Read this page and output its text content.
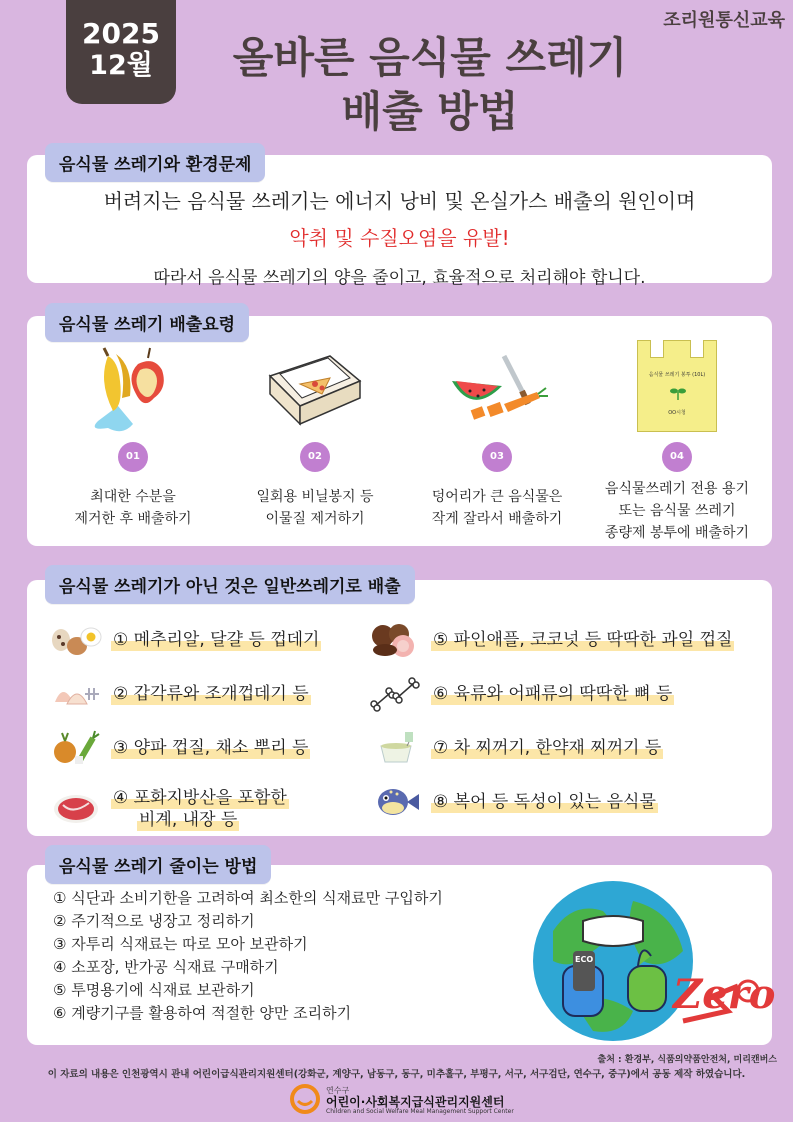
2025
12월
조리원통신교육
올바른 음식물 쓰레기
배출 방법
버려지는 음식물 쓰레기는 에너지 낭비 및 온실가스 배출의 원인이며
악취 및 수질오염을 유발!
따라서 음식물 쓰레기의 양을 줄이고, 효율적으로 처리해야 합니다.
음식물 쓰레기와 환경문제
01
최대한 수분을
제거한 후 배출하기
02
일회용 비닐봉지 등
이물질 제거하기
03
덩어리가 큰 음식물은
작게 잘라서 배출하기
음식물 쓰레기 봉투 (10L)
OO시청
04
음식물쓰레기 전용 용기
또는 음식물 쓰레기
종량제 봉투에 배출하기
음식물 쓰레기 배출요령
① 메추리알, 달걀 등 껍데기
② 갑각류와 조개껍데기 등
③ 양파 껍질, 채소 뿌리 등
④ 포화지방산을 포함한
비계, 내장 등
⑤ 파인애플, 코코넛 등 딱딱한 과일 껍질
⑥ 육류와 어패류의 딱딱한 뼈 등
⑦ 차 찌꺼기, 한약재 찌꺼기 등
⑧ 복어 등 독성이 있는 음식물
음식물 쓰레기가 아닌 것은 일반쓰레기로 배출
① 식단과 소비기한을 고려하여 최소한의 식재료만 구입하기
② 주기적으로 냉장고 정리하기
③ 자투리 식재료는 따로 모아 보관하기
④ 소포장, 반가공 식재료 구매하기
⑤ 투명용기에 식재료 보관하기
⑥ 계량기구를 활용하여 적절한 양만 조리하기
ECO
Zero
음식물 쓰레기 줄이는 방법
출처 : 환경부, 식품의약품안전처, 미리캔버스
이 자료의 내용은 인천광역시 관내 어린이급식관리지원센터(강화군, 계양구, 남동구, 동구, 미추홀구, 부평구, 서구, 서구검단, 연수구, 중구)에서 공동 제작 하였습니다.
연수구
어린이·사회복지급식관리지원센터
Children and Social Welfare Meal Management Support Center
